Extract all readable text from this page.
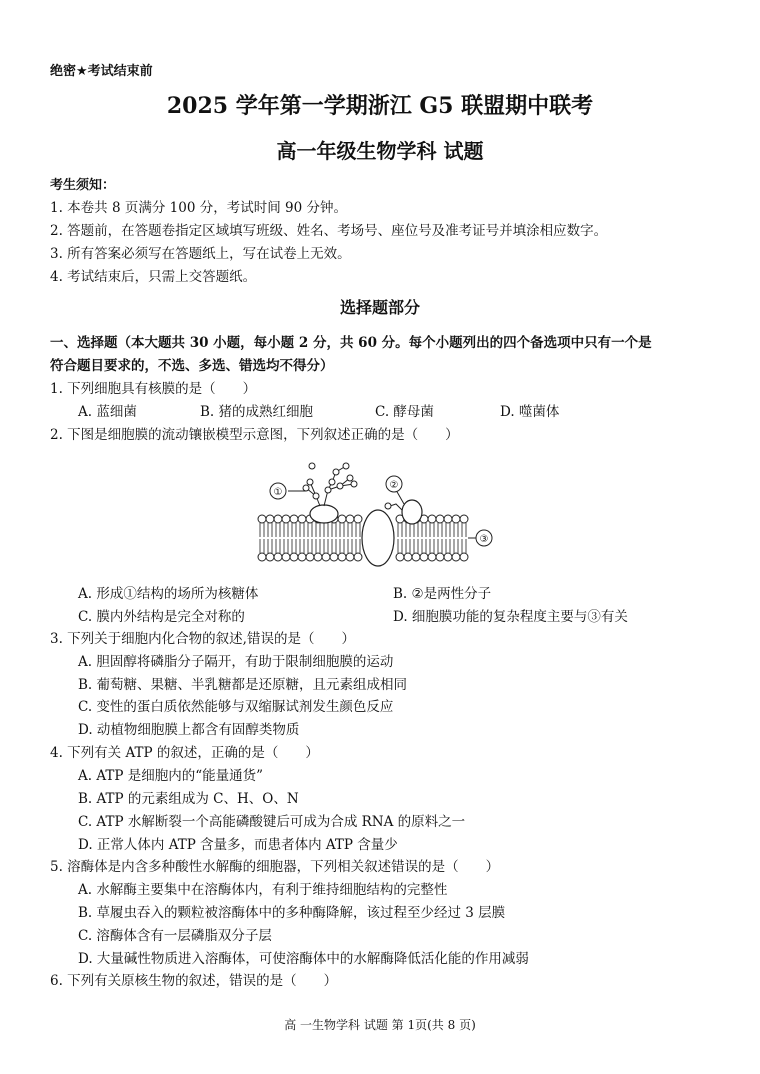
绝密★考试结束前
2025 学年第一学期浙江 G5 联盟期中联考
高一年级生物学科 试题
考生须知：
1. 本卷共 8 页满分 100 分，考试时间 90 分钟。
2. 答题前，在答题卷指定区域填写班级、姓名、考场号、座位号及准考证号并填涂相应数字。
3. 所有答案必须写在答题纸上，写在试卷上无效。
4. 考试结束后，只需上交答题纸。
选择题部分
一、选择题（本大题共 30 小题，每小题 2 分，共 60 分。每个小题列出的四个备选项中只有一个是
符合题目要求的，不选、多选、错选均不得分）
1. 下列细胞具有核膜的是（　　）
A. 蓝细菌	B. 猪的成熟红细胞	C. 酵母菌	D. 噬菌体
2. 下图是细胞膜的流动镶嵌模型示意图，下列叙述正确的是（　　）
①
②
③
A. 形成①结构的场所为核糖体	B. ②是两性分子
C. 膜内外结构是完全对称的	D. 细胞膜功能的复杂程度主要与③有关
3. 下列关于细胞内化合物的叙述,错误的是（　　）
A. 胆固醇将磷脂分子隔开，有助于限制细胞膜的运动
B. 葡萄糖、果糖、半乳糖都是还原糖，且元素组成相同
C. 变性的蛋白质依然能够与双缩脲试剂发生颜色反应
D. 动植物细胞膜上都含有固醇类物质
4. 下列有关 ATP 的叙述，正确的是（　　）
A. ATP 是细胞内的“能量通货”
B. ATP 的元素组成为 C、H、O、N
C. ATP 水解断裂一个高能磷酸键后可成为合成 RNA 的原料之一
D. 正常人体内 ATP 含量多，而患者体内 ATP 含量少
5. 溶酶体是内含多种酸性水解酶的细胞器，下列相关叙述错误的是（　　）
A. 水解酶主要集中在溶酶体内，有利于维持细胞结构的完整性
B. 草履虫吞入的颗粒被溶酶体中的多种酶降解，该过程至少经过 3 层膜
C. 溶酶体含有一层磷脂双分子层
D. 大量碱性物质进入溶酶体，可使溶酶体中的水解酶降低活化能的作用减弱
6. 下列有关原核生物的叙述，错误的是（　　）
高 一生物学科 试题 第 1页(共 8 页)
